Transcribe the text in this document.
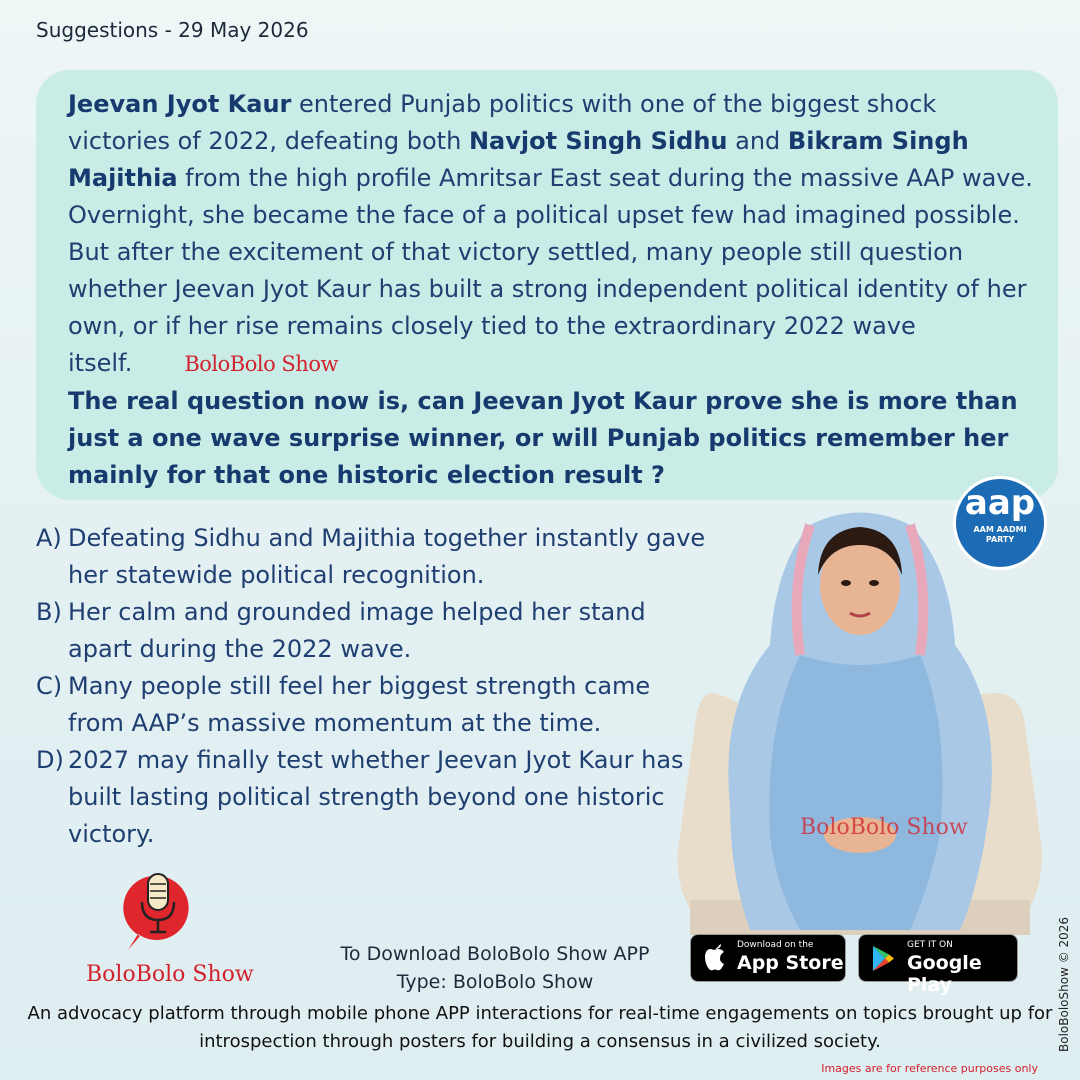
Suggestions - 29 May 2026

Jeevan Jyot Kaur entered Punjab politics with one of the biggest shock victories of 2022, defeating both Navjot Singh Sidhu and Bikram Singh Majithia from the high profile Amritsar East seat during the massive AAP wave. Overnight, she became the face of a political upset few had imagined possible. But after the excitement of that victory settled, many people still question whether Jeevan Jyot Kaur has built a strong independent political identity of her own, or if her rise remains closely tied to the extraordinary 2022 wave itself. BoloBolo Show

The real question now is, can Jeevan Jyot Kaur prove she is more than just a one wave surprise winner, or will Punjab politics remember her mainly for that one historic election result ?

A) Defeating Sidhu and Majithia together instantly gave her statewide political recognition.
B) Her calm and grounded image helped her stand apart during the 2022 wave.
C) Many people still feel her biggest strength came from AAP’s massive momentum at the time.
D) 2027 may finally test whether Jeevan Jyot Kaur has built lasting political strength beyond one historic victory.
aap
AAM AADMI
PARTY
BoloBolo Show
BoloBolo Show
To Download BoloBolo Show APP
Type: BoloBolo Show
Download on the
App Store
GET IT ON
Google Play
An advocacy platform through mobile phone APP interactions for real-time engagements on topics brought up for introspection through posters for building a consensus in a civilized society.	BoloBoloShow © 2026
Images are for reference purposes only
